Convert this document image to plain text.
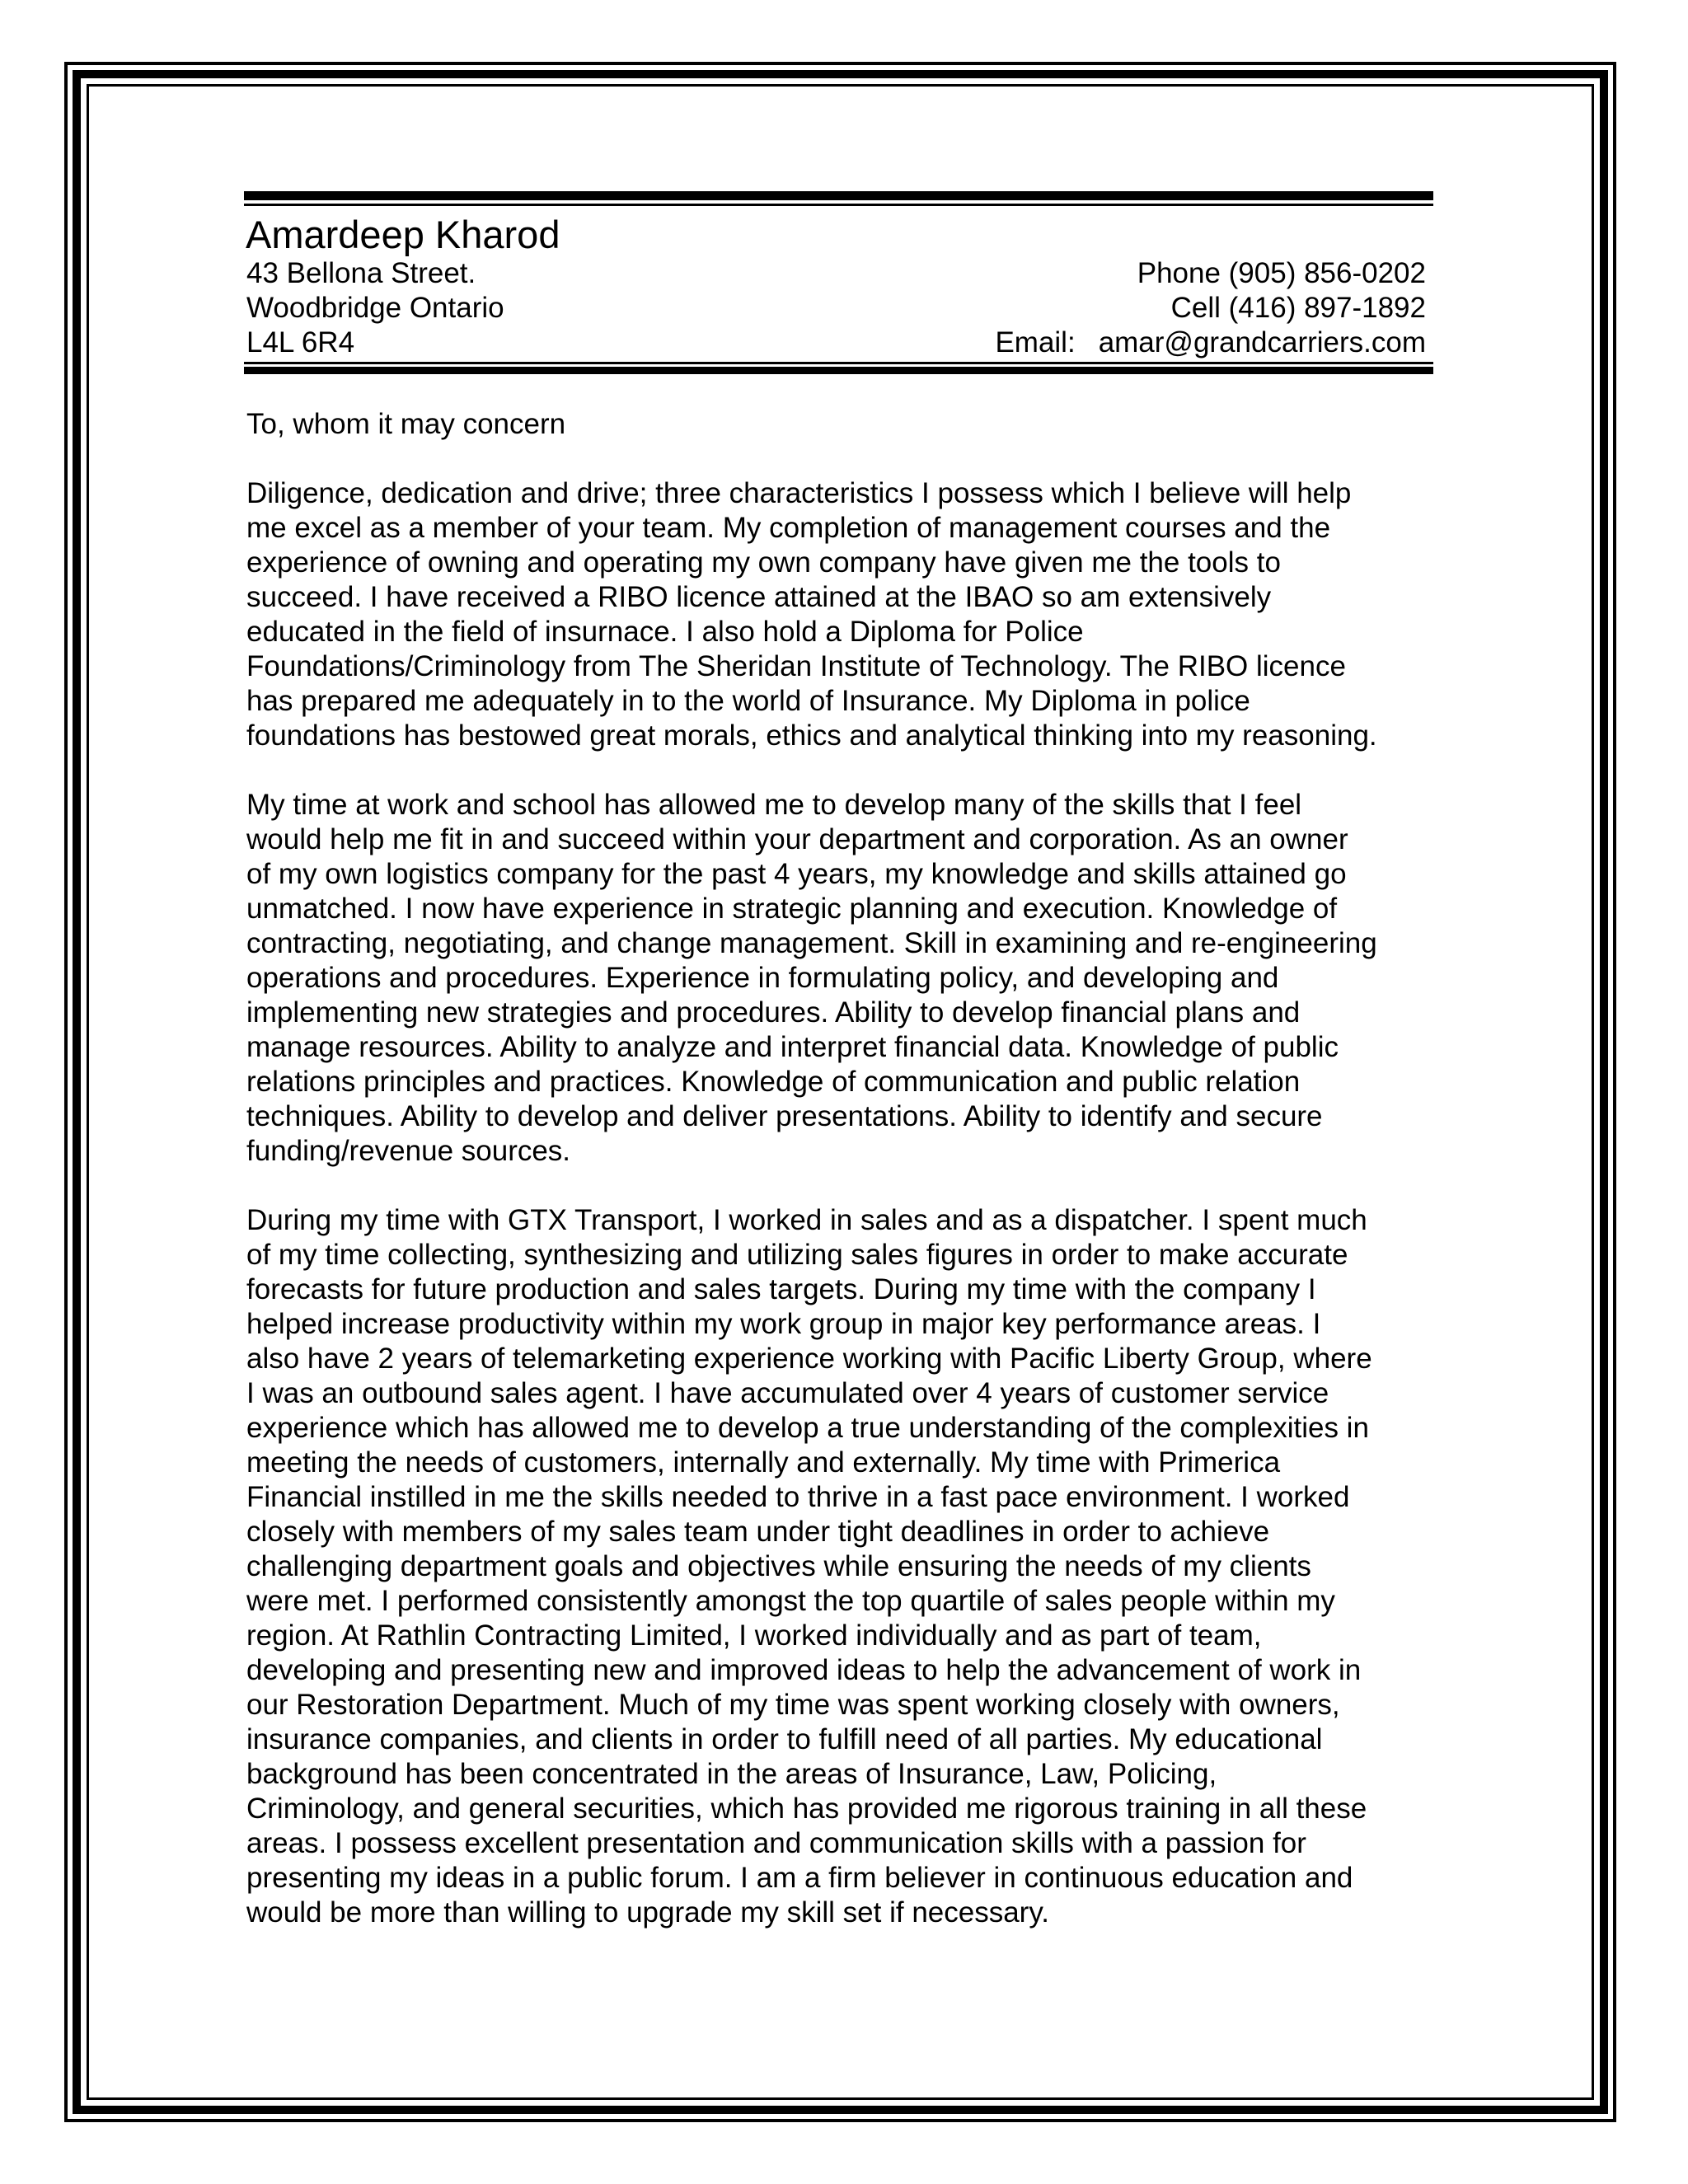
Amardeep Kharod
43 Bellona Street.	Phone (905) 856-0202
Woodbridge Ontario	Cell (416) 897-1892
L4L 6R4	Email: amar@grandcarriers.com
To, whom it may concern
Diligence, dedication and drive; three characteristics I possess which I believe will help
me excel as a member of your team. My completion of management courses and the
experience of owning and operating my own company have given me the tools to
succeed. I have received a RIBO licence attained at the IBAO so am extensively
educated in the field of insurnace. I also hold a Diploma for Police
Foundations/Criminology from The Sheridan Institute of Technology. The RIBO licence
has prepared me adequately in to the world of Insurance. My Diploma in police
foundations has bestowed great morals, ethics and analytical thinking into my reasoning.
My time at work and school has allowed me to develop many of the skills that I feel
would help me fit in and succeed within your department and corporation. As an owner
of my own logistics company for the past 4 years, my knowledge and skills attained go
unmatched. I now have experience in strategic planning and execution. Knowledge of
contracting, negotiating, and change management. Skill in examining and re-engineering
operations and procedures. Experience in formulating policy, and developing and
implementing new strategies and procedures. Ability to develop financial plans and
manage resources. Ability to analyze and interpret financial data. Knowledge of public
relations principles and practices. Knowledge of communication and public relation
techniques. Ability to develop and deliver presentations. Ability to identify and secure
funding/revenue sources.
During my time with GTX Transport, I worked in sales and as a dispatcher. I spent much
of my time collecting, synthesizing and utilizing sales figures in order to make accurate
forecasts for future production and sales targets. During my time with the company I
helped increase productivity within my work group in major key performance areas. I
also have 2 years of telemarketing experience working with Pacific Liberty Group, where
I was an outbound sales agent. I have accumulated over 4 years of customer service
experience which has allowed me to develop a true understanding of the complexities in
meeting the needs of customers, internally and externally. My time with Primerica
Financial instilled in me the skills needed to thrive in a fast pace environment. I worked
closely with members of my sales team under tight deadlines in order to achieve
challenging department goals and objectives while ensuring the needs of my clients
were met. I performed consistently amongst the top quartile of sales people within my
region. At Rathlin Contracting Limited, I worked individually and as part of team,
developing and presenting new and improved ideas to help the advancement of work in
our Restoration Department. Much of my time was spent working closely with owners,
insurance companies, and clients in order to fulfill need of all parties. My educational
background has been concentrated in the areas of Insurance, Law, Policing,
Criminology, and general securities, which has provided me rigorous training in all these
areas. I possess excellent presentation and communication skills with a passion for
presenting my ideas in a public forum. I am a firm believer in continuous education and
would be more than willing to upgrade my skill set if necessary.
